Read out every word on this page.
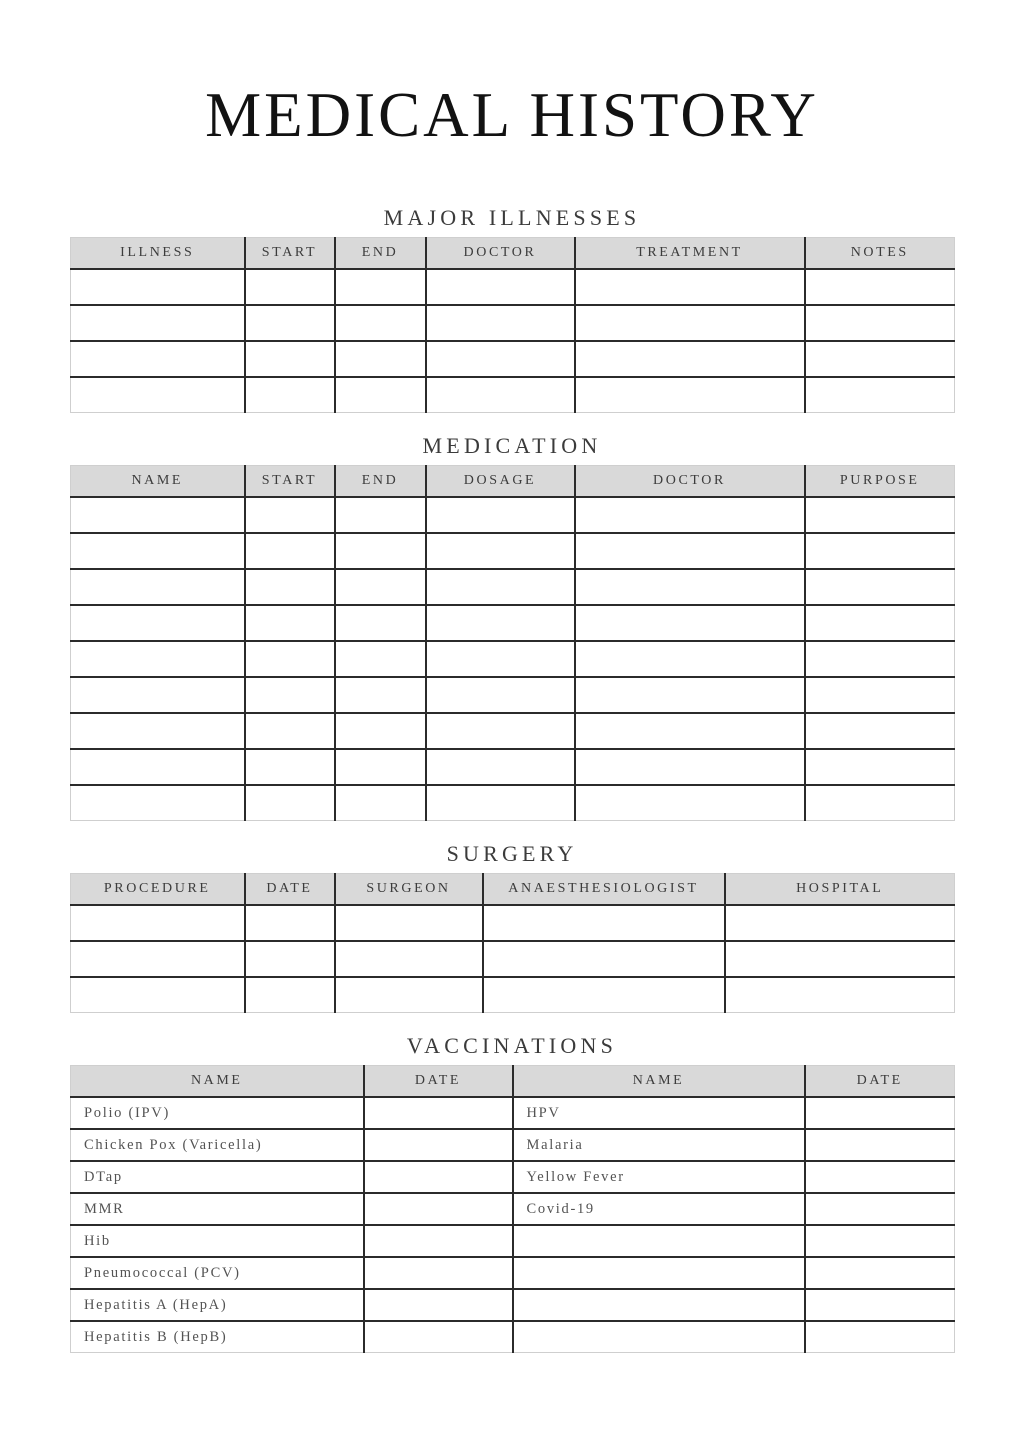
MEDICAL HISTORY
MAJOR ILLNESSES
ILLNESS	START	END	DOCTOR	TREATMENT	NOTES

MEDICATION
NAME	START	END	DOSAGE	DOCTOR	PURPOSE

SURGERY
PROCEDURE	DATE	SURGEON	ANAESTHESIOLOGIST	HOSPITAL

VACCINATIONS
NAME	DATE	NAME	DATE
Polio (IPV)		HPV	
Chicken Pox (Varicella)		Malaria	
DTap		Yellow Fever	
MMR		Covid-19	
Hib			
Pneumococcal (PCV)			
Hepatitis A (HepA)			
Hepatitis B (HepB)			
